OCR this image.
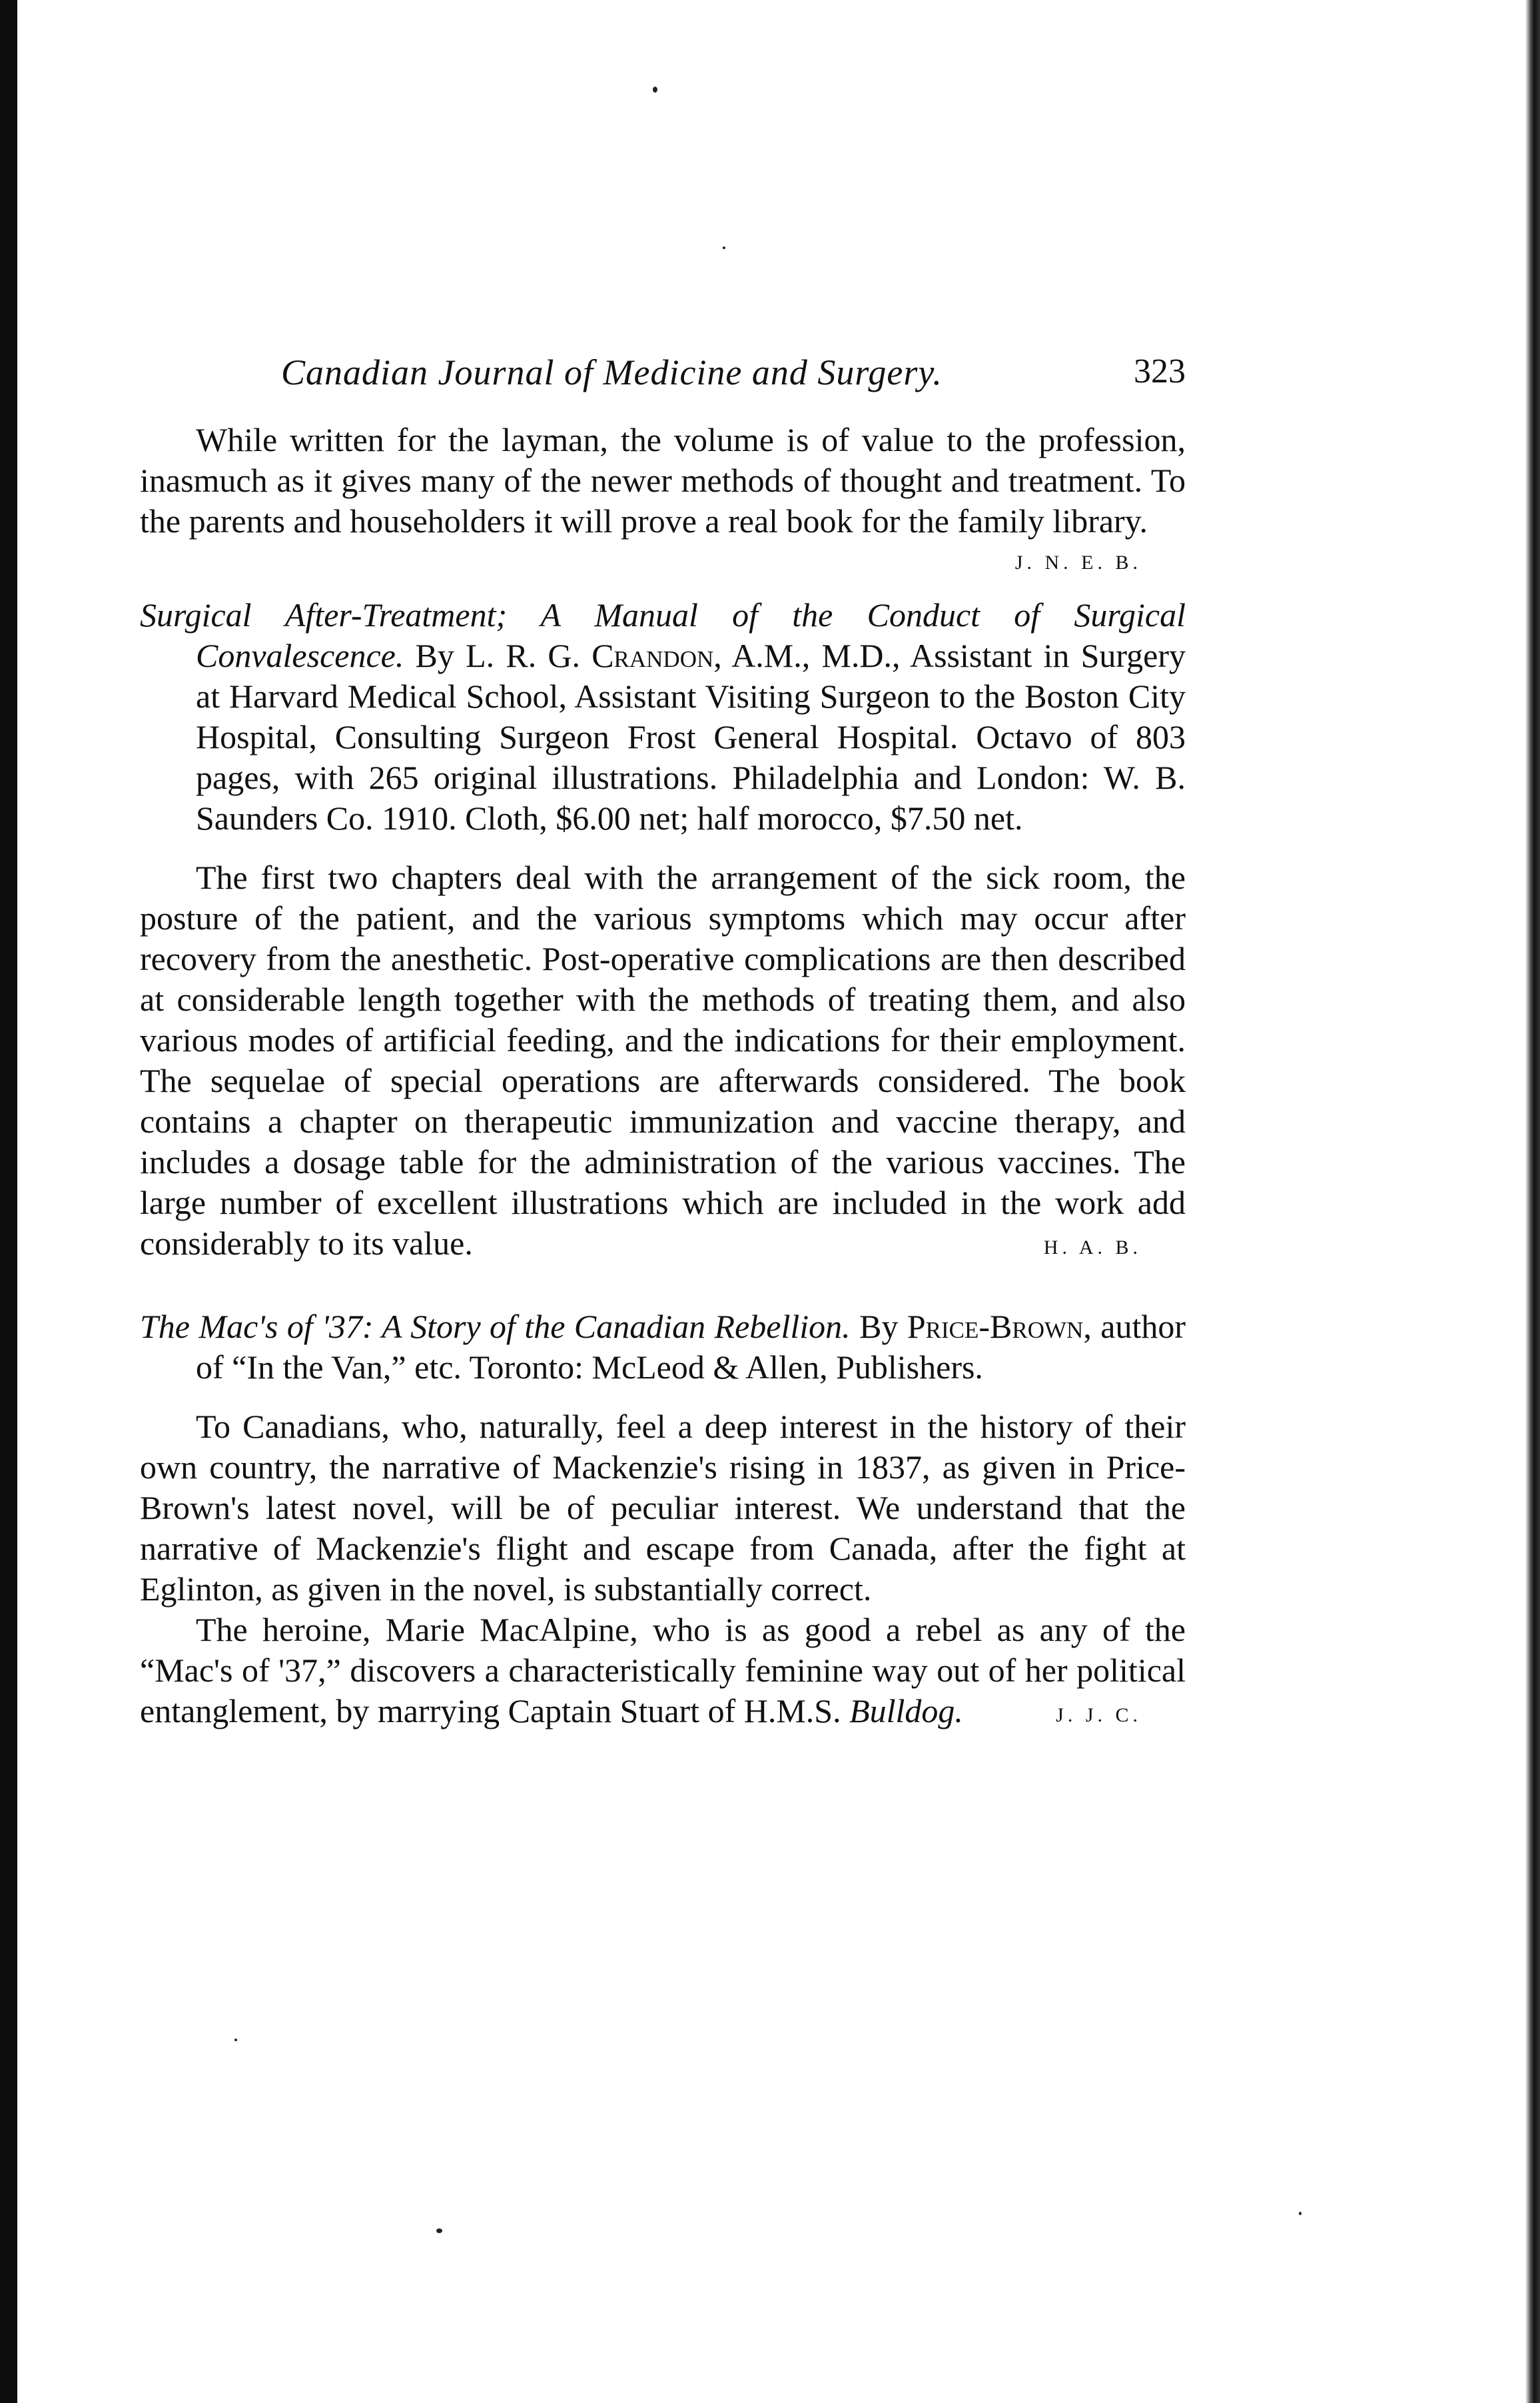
Canadian Journal of Medicine and Surgery.	323

While written for the layman, the volume is of value to the profession, inasmuch as it gives many of the newer methods of thought and treatment. To the parents and householders it will prove a real book for the family library.

J. N. E. B.
Surgical After-Treatment; A Manual of the Conduct of Surgical Convalescence. By L. R. G. Crandon, A.M., M.D., Assistant in Surgery at Harvard Medical School, Assistant Visiting Surgeon to the Boston City Hospital, Consulting Surgeon Frost General Hospital. Octavo of 803 pages, with 265 original illustrations. Philadelphia and London: W. B. Saunders Co. 1910. Cloth, $6.00 net; half morocco, $7.50 net.

The first two chapters deal with the arrangement of the sick room, the posture of the patient, and the various symptoms which may occur after recovery from the anesthetic. Post-operative complications are then described at considerable length together with the methods of treating them, and also various modes of artificial feeding, and the indications for their employment. The sequelae of special operations are afterwards considered. The book contains a chapter on therapeutic immunization and vaccine therapy, and includes a dosage table for the administration of the various vaccines. The large number of excellent illustrations which are included in the work add considerably to its value.	H. A. B.

The Mac's of '37: A Story of the Canadian Rebellion. By Price-Brown, author of “In the Van,” etc. Toronto: McLeod & Allen, Publishers.

To Canadians, who, naturally, feel a deep interest in the history of their own country, the narrative of Mackenzie's rising in 1837, as given in Price-Brown's latest novel, will be of peculiar interest. We understand that the narrative of Mackenzie's flight and escape from Canada, after the fight at Eglinton, as given in the novel, is substantially correct.

The heroine, Marie MacAlpine, who is as good a rebel as any of the “Mac's of '37,” discovers a characteristically feminine way out of her political entanglement, by marrying Captain Stuart of H.M.S. Bulldog.	J. J. C.
